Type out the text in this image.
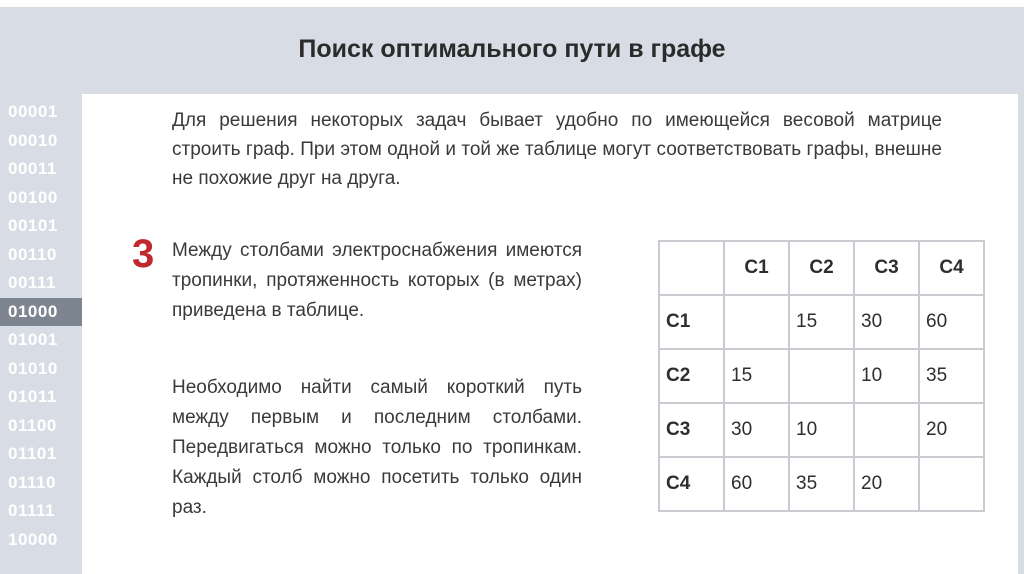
Поиск оптимального пути в графе
00001
00010
00011
00100
00101
00110
00111
01000
01001
01010
01011
01100
01101
01110
01111
10000
Для решения некоторых задач бывает удобно по имеющейся весовой матрице строить граф. При этом одной и той же таблице могут соответствовать графы, внешне не похожие друг на друга.
3 Между столбами электроснабжения имеются тропинки, протяженность которых (в метрах) приведена в таблице.
Необходимо найти самый короткий путь между первым и последним столбами. Передвигаться можно только по тропинкам. Каждый столб можно посетить только один раз.
	C1	C2	C3	C4
C1		15	30	60
C2	15		10	35
C3	30	10		20
C4	60	35	20	
